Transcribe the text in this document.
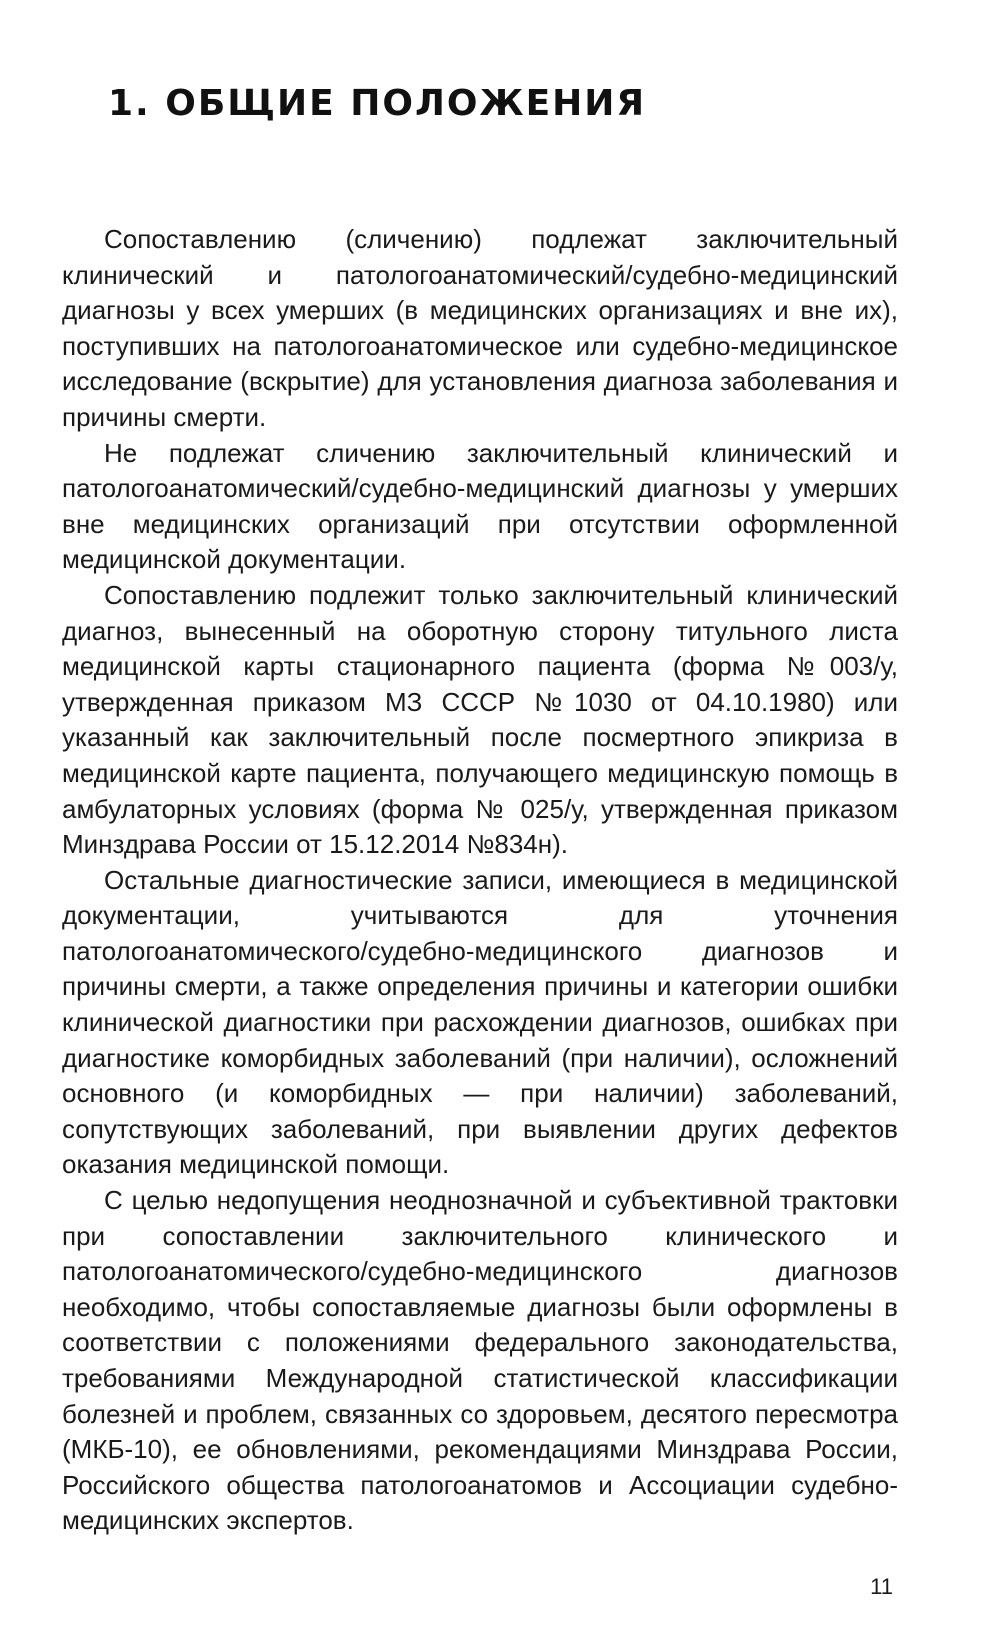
1. ОБЩИЕ ПОЛОЖЕНИЯ

Сопоставлению (сличению) подлежат заключительный клинический и патологоанатомический/судебно-медицинский диагнозы у всех умерших (в медицинских организациях и вне их), поступивших на патологоанатомическое или судебно-медицинское исследование (вскрытие) для установления диагноза заболевания и причины смерти.

Не подлежат сличению заключительный клинический и патологоанатомический/судебно-медицинский диагнозы у умерших вне медицинских организаций при отсутствии оформленной медицинской документации.

Сопоставлению подлежит только заключительный клинический диагноз, вынесенный на оборотную сторону титульного листа медицинской карты стационарного пациента (форма №003/у, утвержденная приказом МЗ СССР №1030 от 04.10.1980) или указанный как заключительный после посмертного эпикриза в медицинской карте пациента, получающего медицинскую помощь в амбулаторных условиях (форма № 025/у, утвержденная приказом Минздрава России от 15.12.2014 №834н).

Остальные диагностические записи, имеющиеся в медицинской документации, учитываются для уточнения патологоанатомического/судебно-медицинского диагнозов и причины смерти, а также определения причины и категории ошибки клинической диагностики при расхождении диагнозов, ошибках при диагностике коморбидных заболеваний (при наличии), осложнений основного (и коморбидных — при наличии) заболеваний, сопутствующих заболеваний, при выявлении других дефектов оказания медицинской помощи.

С целью недопущения неоднозначной и субъективной трактовки при сопоставлении заключительного клинического и патологоанатомического/судебно-медицинского диагнозов необходимо, чтобы сопоставляемые диагнозы были оформлены в соответствии с положениями федерального законодательства, требованиями Международной статистической классификации болезней и проблем, связанных со здоровьем, десятого пересмотра (МКБ-10), ее обновлениями, рекомендациями Минздрава России, Российского общества патологоанатомов и Ассоциации судебно-медицинских экспертов.

11
